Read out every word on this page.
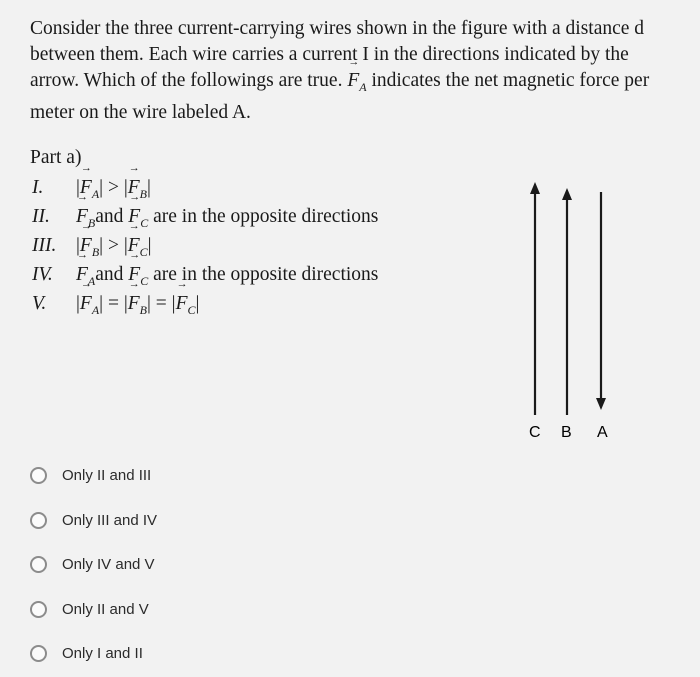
Consider the three current-carrying wires shown in the figure with a distance d between them. Each wire carries a current I in the directions indicated by the arrow. Which of the followings are true. → $F_A$ indicates the net magnetic force per meter on the wire labeled A.
Part a)
I. |→ $F_A|$ > |→ $F_B|$
$II.\to F_Band \to F_C$ are in the opposite directions
III. |→ $F_B|$ > |→ $F_C|$
$IV.\to F_Aand \to F_C$ are in the opposite directions
V. |→ $F_A|$ = |→ $F_B|$ = |→ $F_C|$
C B A
Only II and III
Only III and IV
Only IV and V
Only II and V
Only I and II
